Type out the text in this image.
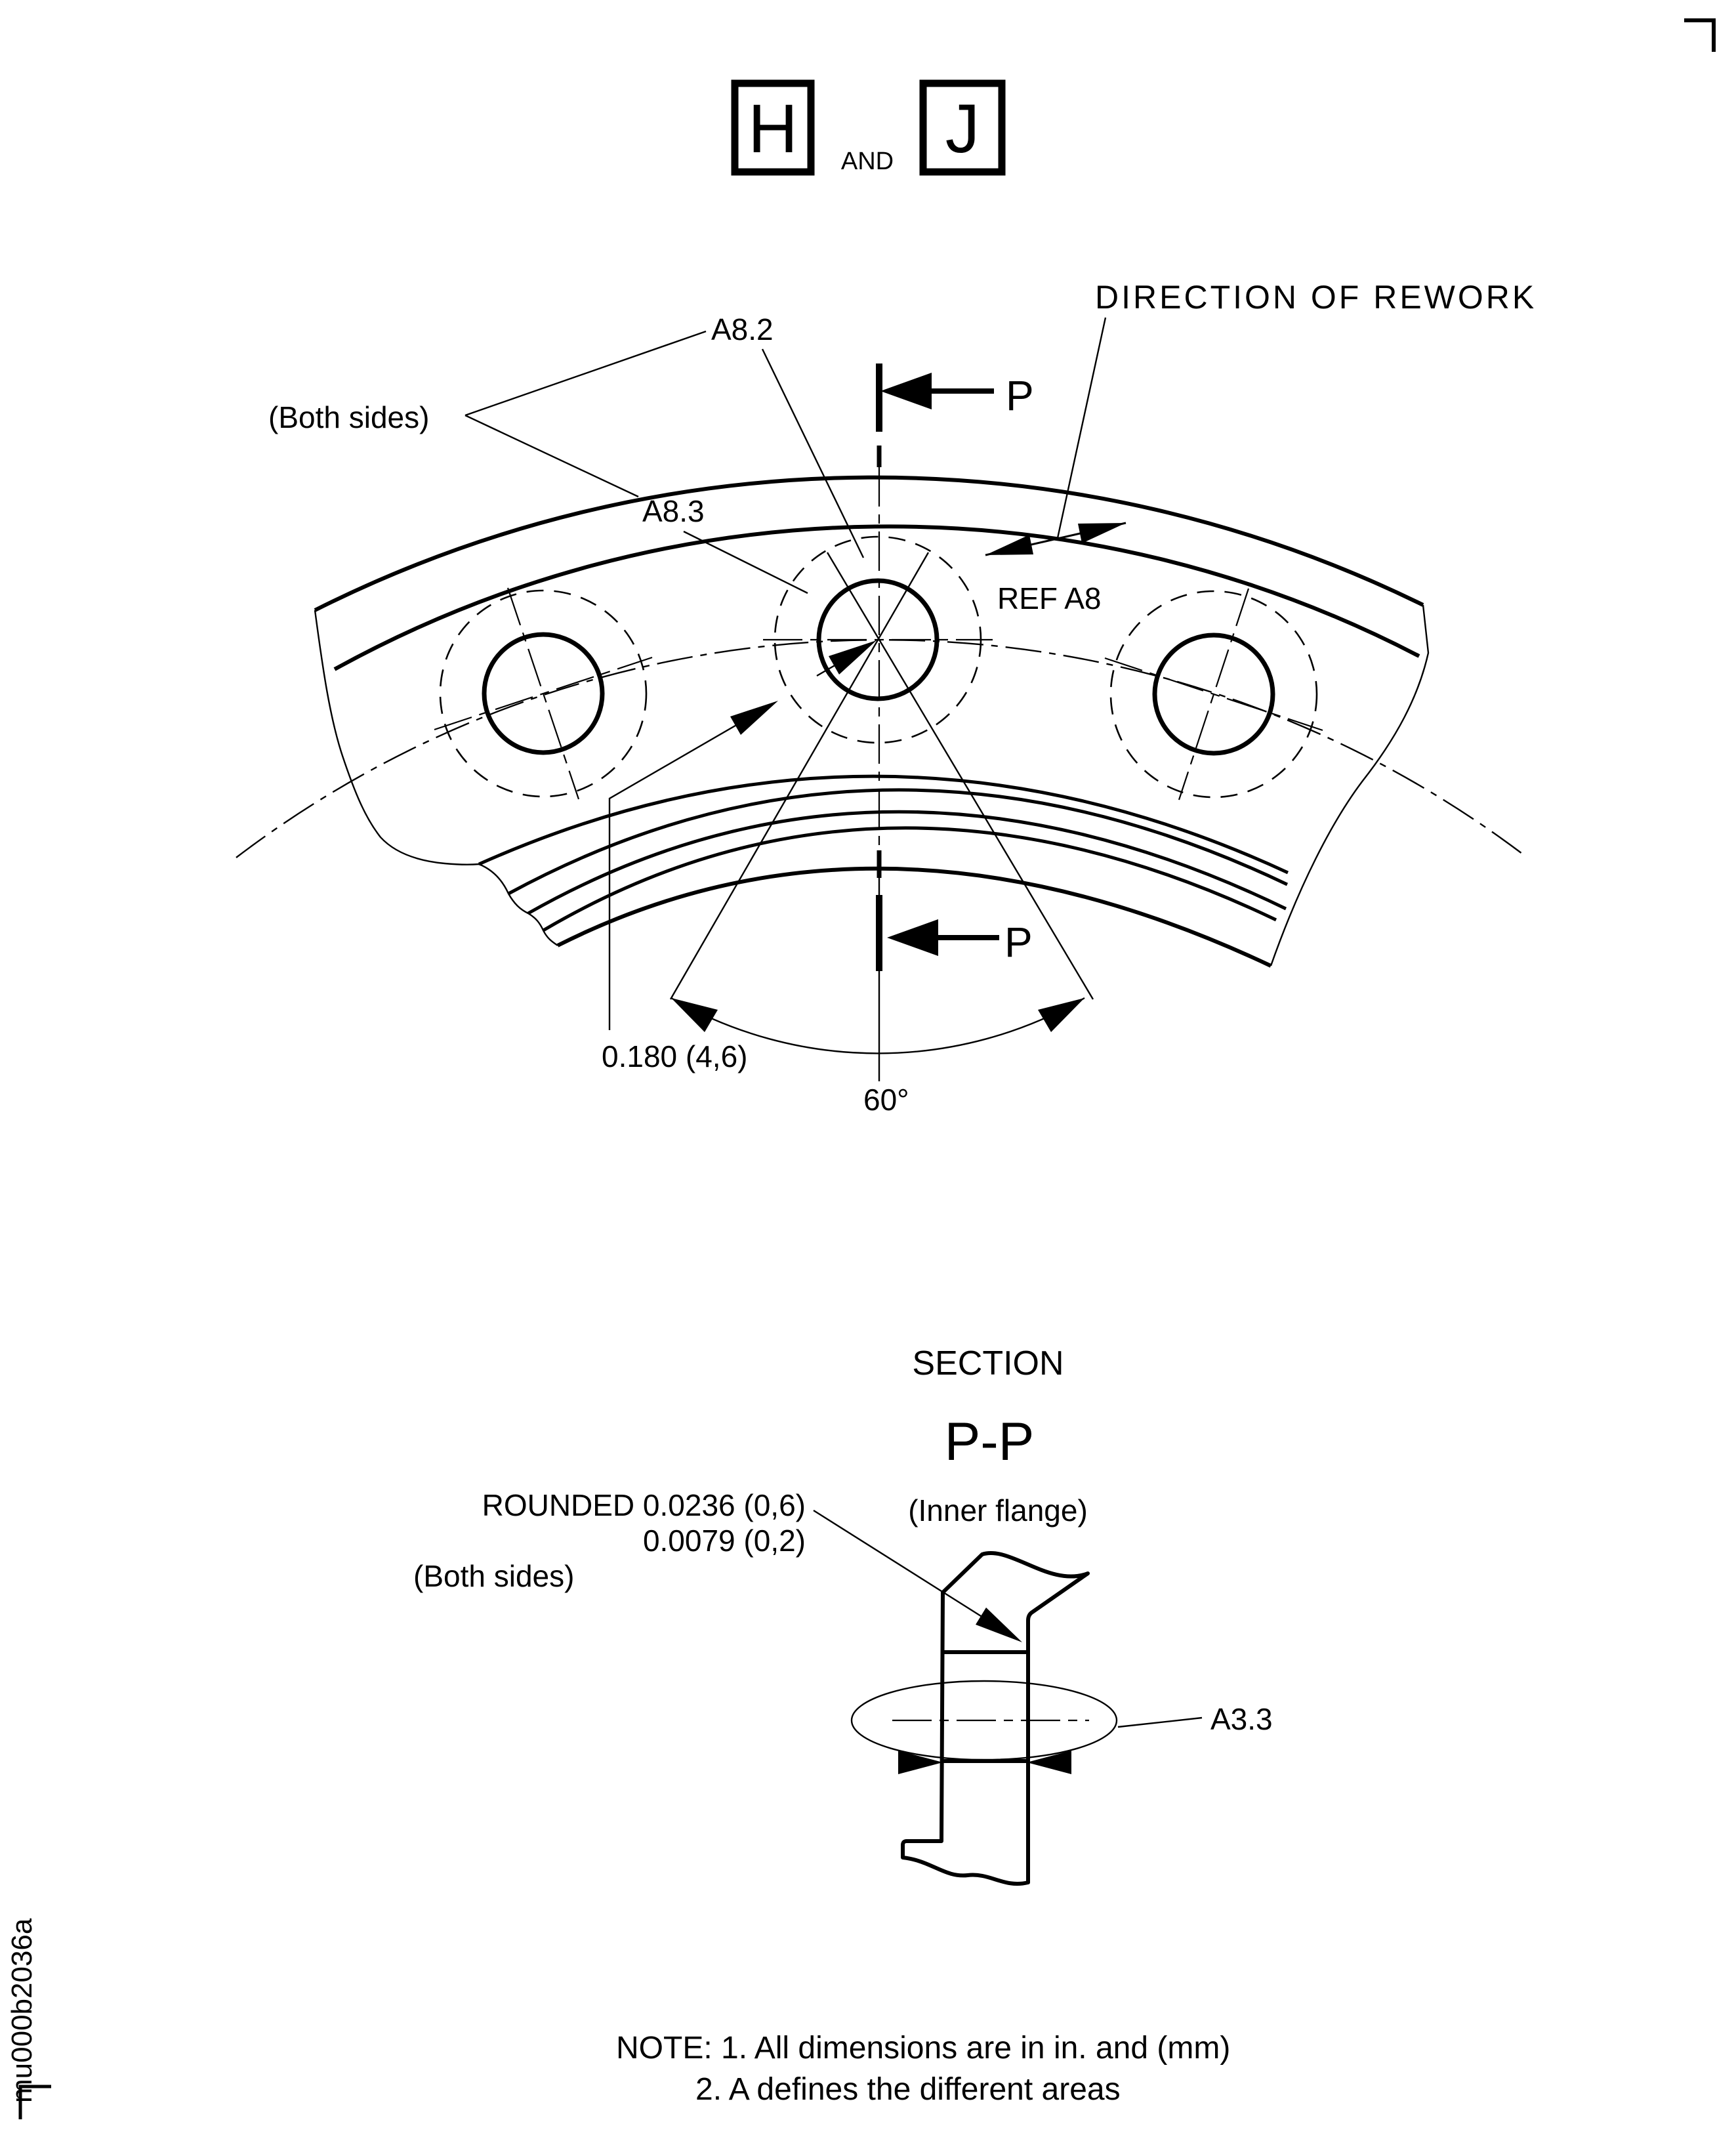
H AND J
P
P
60°
0.180 (4,6)
REF A8
DIRECTION OF REWORK
(Both sides)
A8.2
A8.3
SECTION
P-P
(Inner flange)
A3.3
ROUNDED 0.0236 (0,6)
0.0079 (0,2)
(Both sides)
NOTE: 1. All dimensions are in in. and (mm)
2. A defines the different areas
mu000b2036a
